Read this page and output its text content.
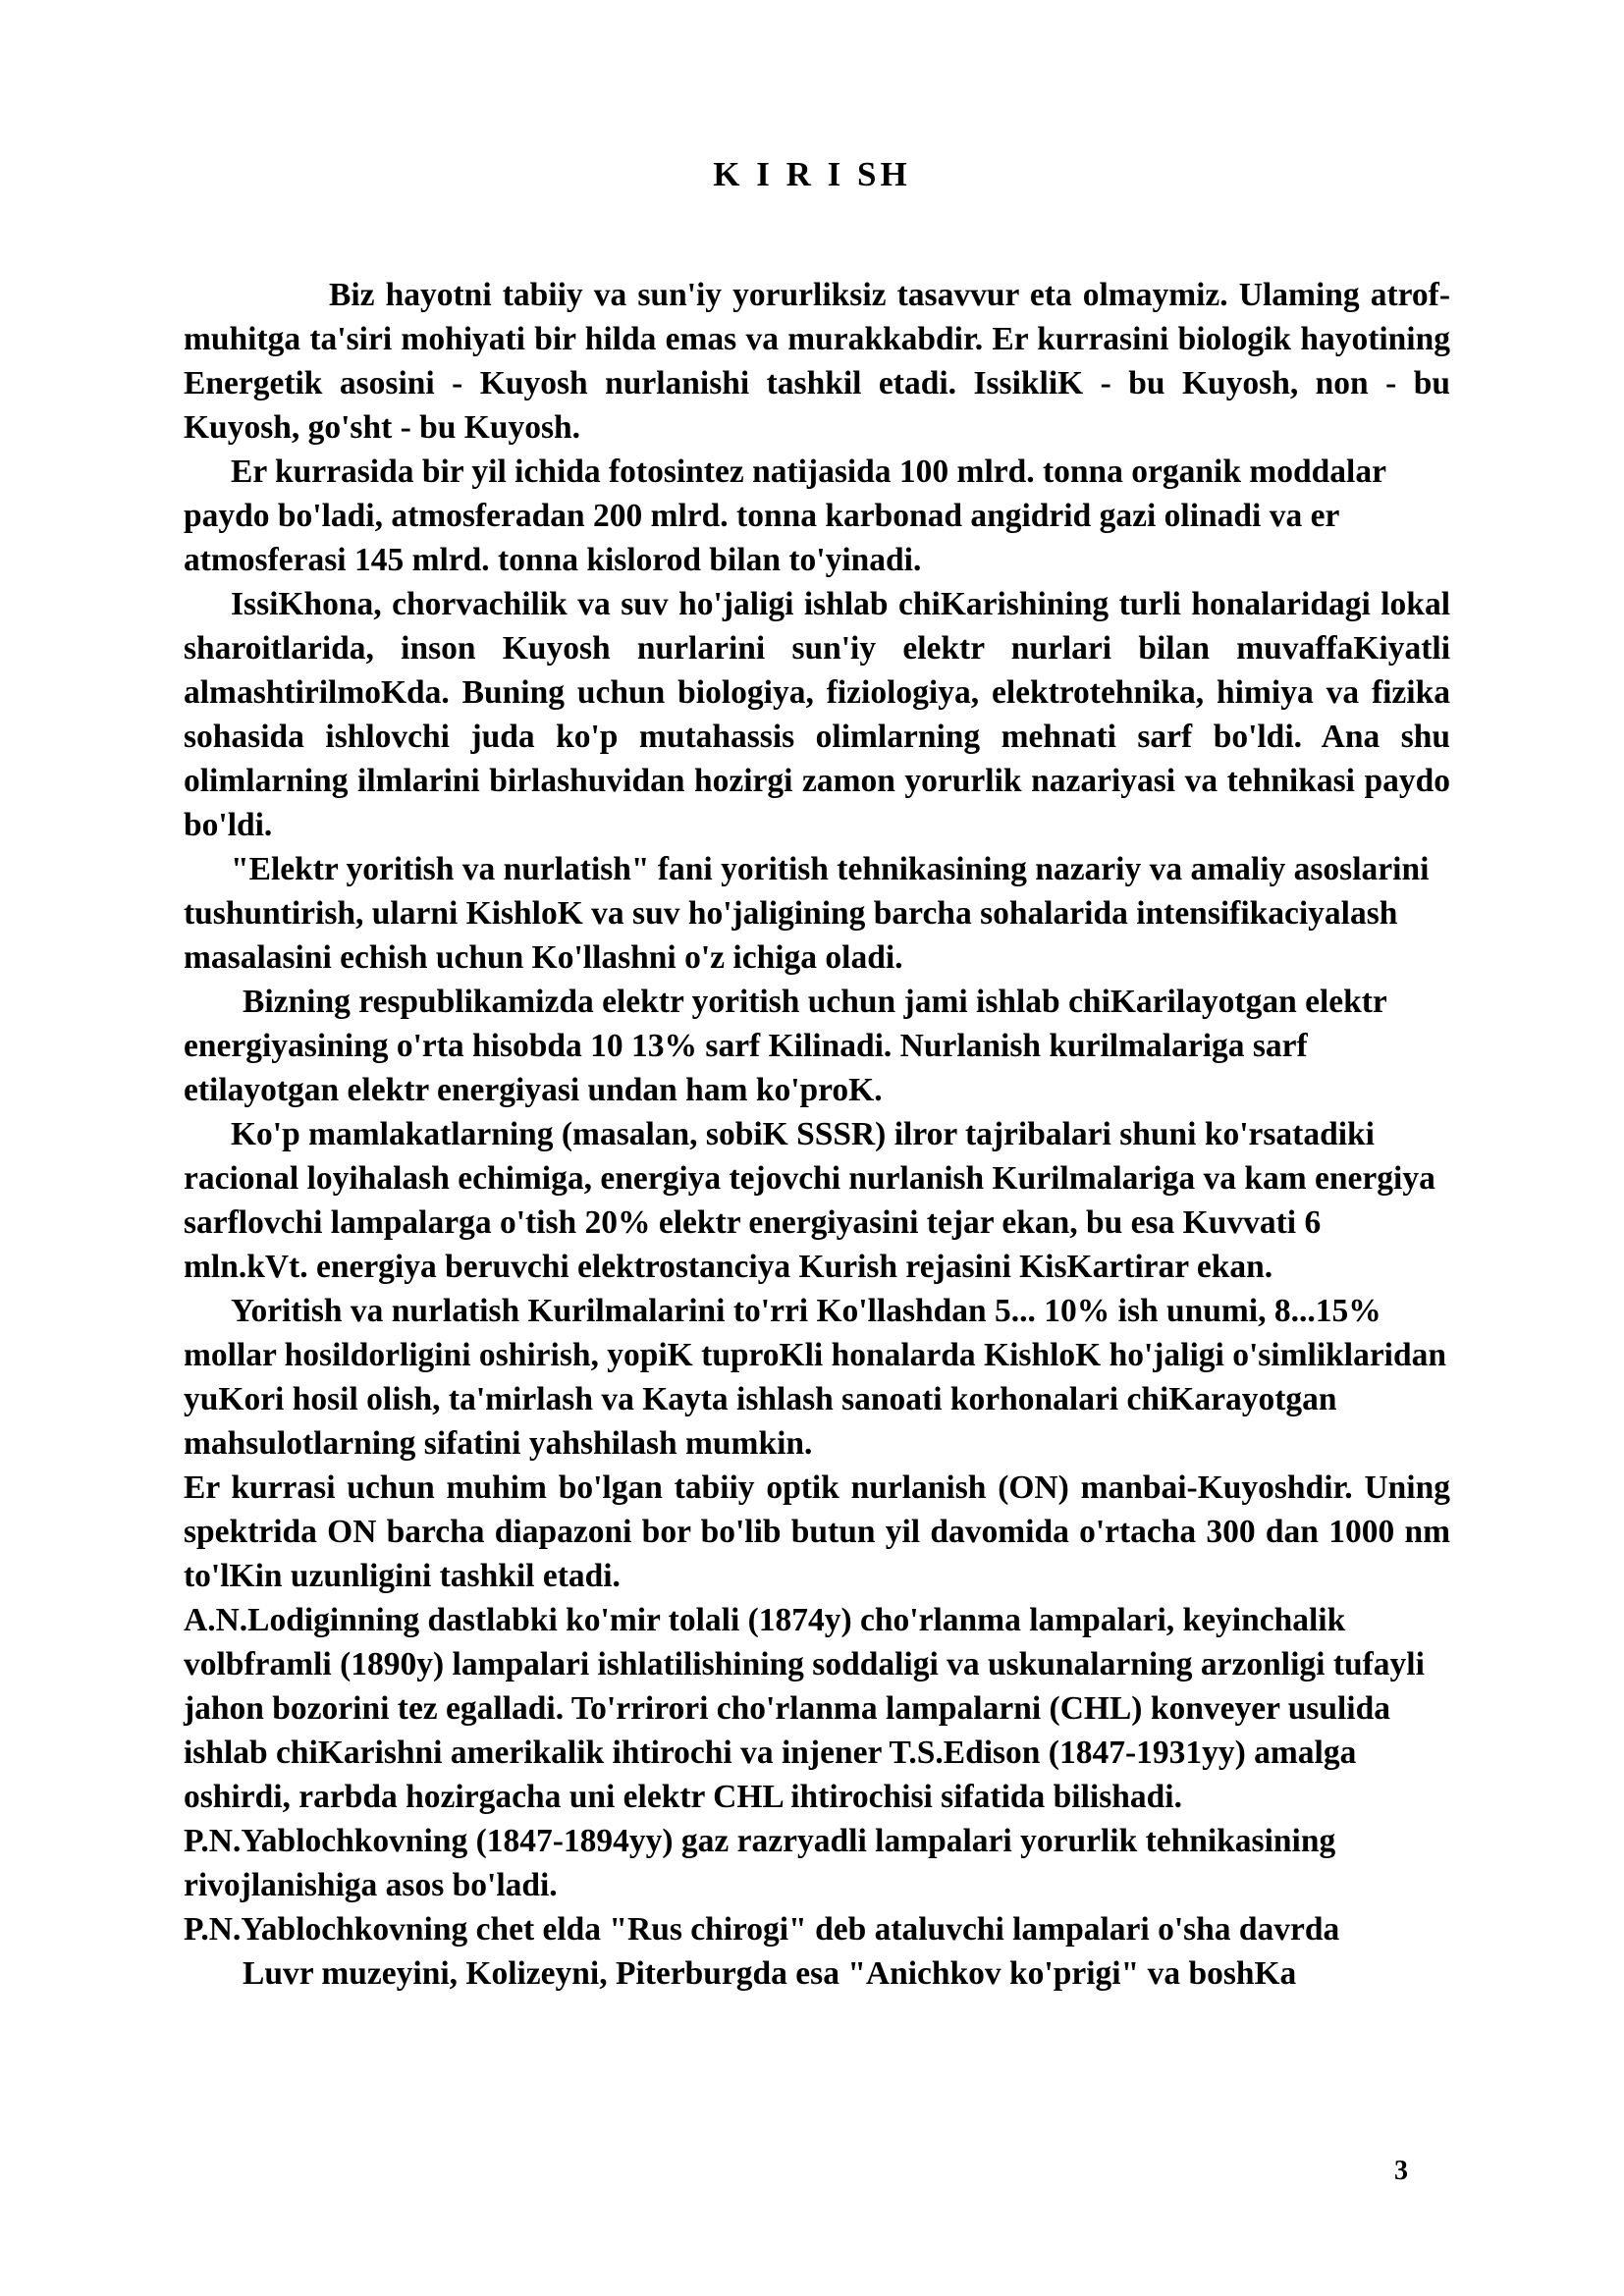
K I R I SH

Biz hayotni tabiiy va sun'iy yorurliksiz tasavvur eta olmaymiz. Ulaming atrof-muhitga ta'siri mohiyati bir hilda emas va murakkabdir. Er kurrasini biologik hayotining Energetik asosini - Kuyosh nurlanishi tashkil etadi. IssikliK - bu Kuyosh, non - bu Kuyosh, go'sht - bu Kuyosh.

Er kurrasida bir yil ichida fotosintez natijasida 100 mlrd. tonna organik moddalar paydo bo'ladi, atmosferadan 200 mlrd. tonna karbonad angidrid gazi olinadi va er atmosferasi 145 mlrd. tonna kislorod bilan to'yinadi.

IssiKhona, chorvachilik va suv ho'jaligi ishlab chiKarishining turli honalaridagi lokal sharoitlarida, inson Kuyosh nurlarini sun'iy elektr nurlari bilan muvaffaKiyatli almashtirilmoKda. Buning uchun biologiya, fiziologiya, elektrotehnika, himiya va fizika sohasida ishlovchi juda ko'p mutahassis olimlarning mehnati sarf bo'ldi. Ana shu olimlarning ilmlarini birlashuvidan hozirgi zamon yorurlik nazariyasi va tehnikasi paydo bo'ldi.

"Elektr yoritish va nurlatish" fani yoritish tehnikasining nazariy va amaliy asoslarini tushuntirish, ularni KishloK va suv ho'jaligining barcha sohalarida intensifikaciyalash masalasini echish uchun Ko'llashni o'z ichiga oladi.

Bizning respublikamizda elektr yoritish uchun jami ishlab chiKarilayotgan elektr energiyasining o'rta hisobda 10 13% sarf Kilinadi. Nurlanish kurilmalariga sarf etilayotgan elektr energiyasi undan ham ko'proK.

Ko'p mamlakatlarning (masalan, sobiK SSSR) ilror tajribalari shuni ko'rsatadiki racional loyihalash echimiga, energiya tejovchi nurlanish Kurilmalariga va kam energiya sarflovchi lampalarga o'tish 20% elektr energiyasini tejar ekan, bu esa Kuvvati 6 mln.kVt. energiya beruvchi elektrostanciya Kurish rejasini KisKartirar ekan.

Yoritish va nurlatish Kurilmalarini to'rri Ko'llashdan 5... 10% ish unumi, 8...15% mollar hosildorligini oshirish, yopiK tuproKli honalarda KishloK ho'jaligi o'simliklaridan yuKori hosil olish, ta'mirlash va Kayta ishlash sanoati korhonalari chiKarayotgan mahsulotlarning sifatini yahshilash mumkin.

Er kurrasi uchun muhim bo'lgan tabiiy optik nurlanish (ON) manbai-Kuyoshdir. Uning spektrida ON barcha diapazoni bor bo'lib butun yil davomida o'rtacha 300 dan 1000 nm to'lKin uzunligini tashkil etadi.

A.N.Lodiginning dastlabki ko'mir tolali (1874y) cho'rlanma lampalari, keyinchalik volbframli (1890y) lampalari ishlatilishining soddaligi va uskunalarning arzonligi tufayli jahon bozorini tez egalladi. To'rrirori cho'rlanma lampalarni (CHL) konveyer usulida ishlab chiKarishni amerikalik ihtirochi va injener T.S.Edison (1847-1931yy) amalga oshirdi, rarbda hozirgacha uni elektr CHL ihtirochisi sifatida bilishadi. P.N.Yablochkovning (1847-1894yy) gaz razryadli lampalari yorurlik tehnikasining rivojlanishiga asos bo'ladi.

P.N.Yablochkovning chet elda "Rus chirogi" deb ataluvchi lampalari o'sha davrda

Luvr muzeyini, Kolizeyni, Piterburgda esa "Anichkov ko'prigi" va boshKa

3
